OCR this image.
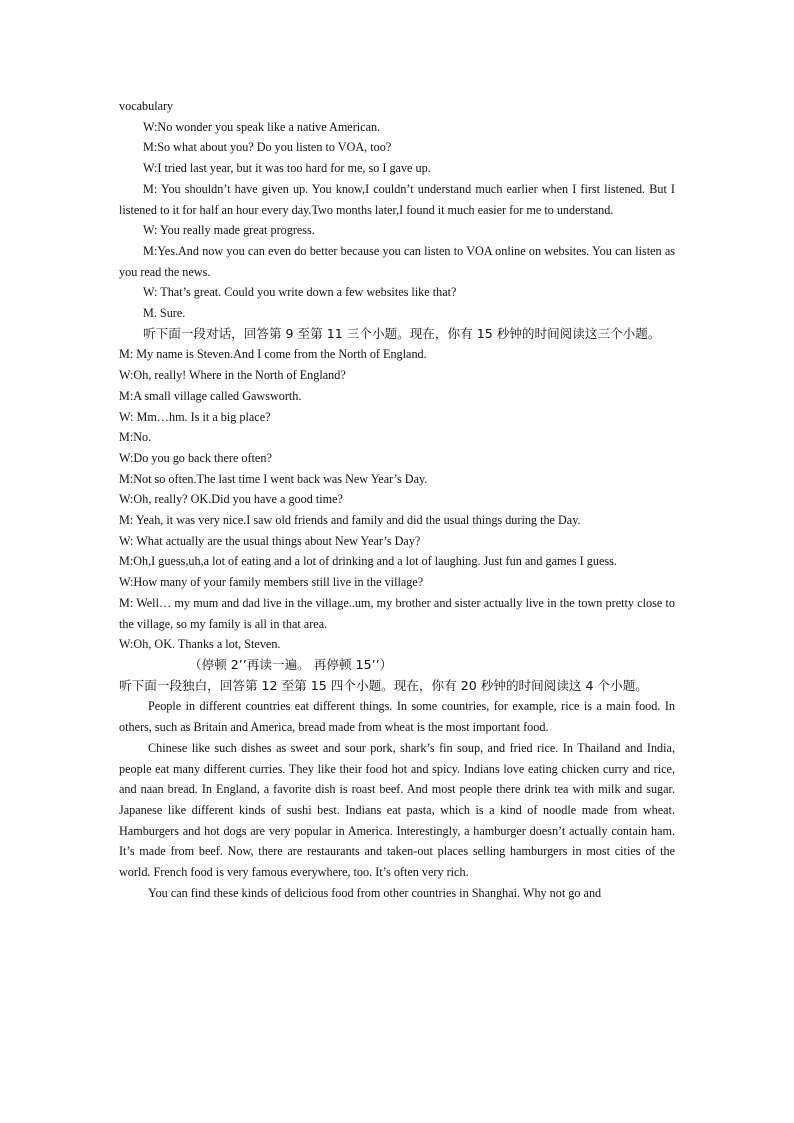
vocabulary

W:No wonder you speak like a native American.

M:So what about you? Do you listen to VOA, too?

W:I tried last year, but it was too hard for me, so I gave up.

M: You shouldn’t have given up. You know,I couldn’t understand much earlier when I first listened. But I listened to it for half an hour every day.Two months later,I found it much easier for me to understand.

W: You really made great progress.

M:Yes.And now you can even do better because you can listen to VOA online on websites. You can listen as you read the news.

W: That’s great. Could you write down a few websites like that?

M. Sure.

听下面一段对话，回答第 9 至第 11 三个小题。现在，你有 15 秒钟的时间阅读这三个小题。

M: My name is Steven.And I come from the North of England.

W:Oh, really! Where in the North of England?

M:A small village called Gawsworth.

W: Mm…hm. Is it a big place?

M:No.

W:Do you go back there often?

M:Not so often.The last time I went back was New Year’s Day.

W:Oh, really? OK.Did you have a good time?

M: Yeah, it was very nice.I saw old friends and family and did the usual things during the Day.

W: What actually are the usual things about New Year’s Day?

M:Oh,I guess,uh,a lot of eating and a lot of drinking and a lot of laughing. Just fun and games I guess.

W:How many of your family members still live in the village?

M: Well… my mum and dad live in the village..um, my brother and sister actually live in the town pretty close to the village, so my family is all in that area.

W:Oh, OK. Thanks a lot, Steven.

（停顿 2’’再读一遍。 再停顿 15’’）

听下面一段独白，回答第 12 至第 15 四个小题。现在，你有 20 秒钟的时间阅读这 4 个小题。

People in different countries eat different things. In some countries, for example, rice is a main food. In others, such as Britain and America, bread made from wheat is the most important food.

Chinese like such dishes as sweet and sour pork, shark’s fin soup, and fried rice. In Thailand and India, people eat many different curries. They like their food hot and spicy. Indians love eating chicken curry and rice, and naan bread. In England, a favorite dish is roast beef. And most people there drink tea with milk and sugar. Japanese like different kinds of sushi best. Indians eat pasta, which is a kind of noodle made from wheat. Hamburgers and hot dogs are very popular in America. Interestingly, a hamburger doesn’t actually contain ham. It’s made from beef. Now, there are restaurants and taken-out places selling hamburgers in most cities of the world. French food is very famous everywhere, too. It’s often very rich.

You can find these kinds of delicious food from other countries in Shanghai. Why not go and
